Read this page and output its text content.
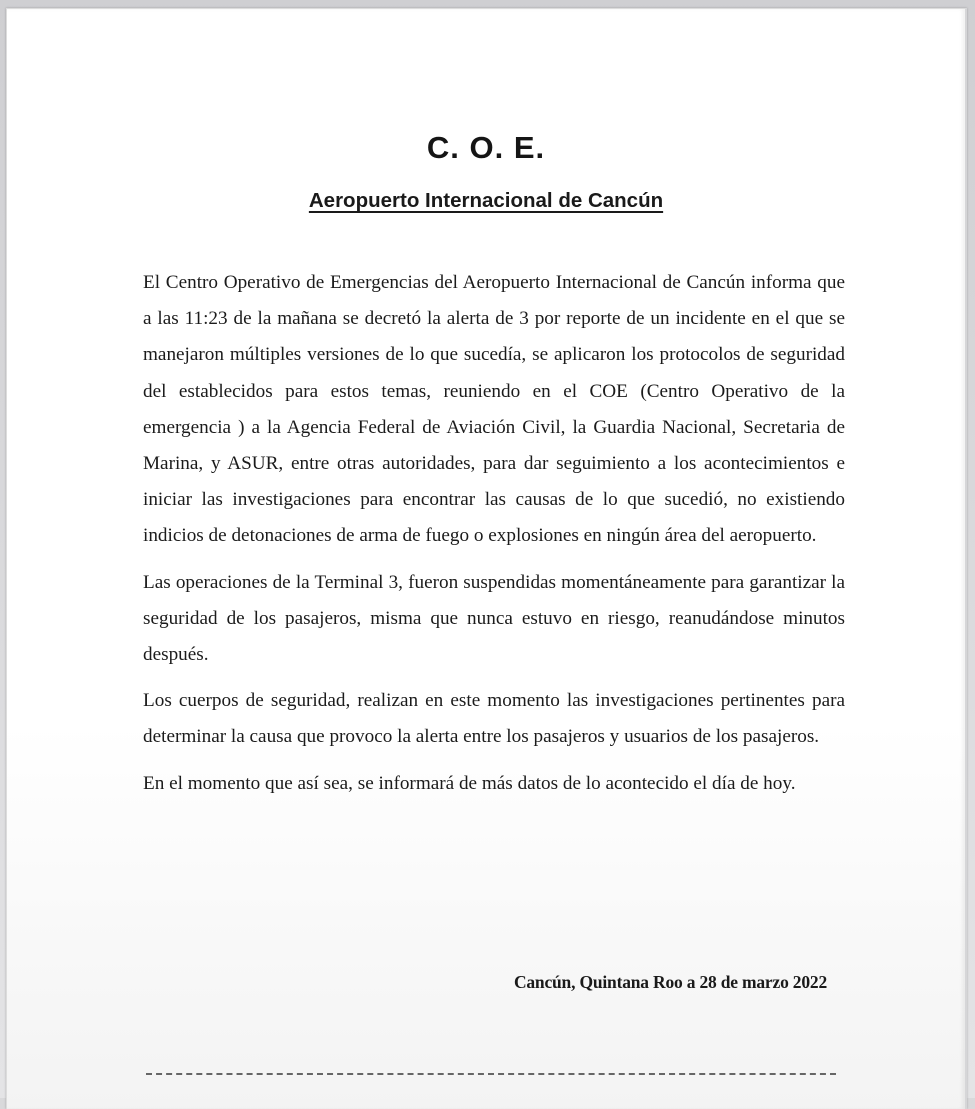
C. O. E.
Aeropuerto Internacional de Cancún

El Centro Operativo de Emergencias del Aeropuerto Internacional de Cancún informa que a las 11:23 de la mañana se decretó la alerta de 3 por reporte de un incidente en el que se manejaron múltiples versiones de lo que sucedía, se aplicaron los protocolos de seguridad del establecidos para estos temas, reuniendo en el COE (Centro Operativo de la emergencia ) a la Agencia Federal de Aviación Civil, la Guardia Nacional, Secretaria de Marina, y ASUR, entre otras autoridades, para dar seguimiento a los acontecimientos e iniciar las investigaciones para encontrar las causas de lo que sucedió, no existiendo indicios de detonaciones de arma de fuego o explosiones en ningún área del aeropuerto.

Las operaciones de la Terminal 3, fueron suspendidas momentáneamente para garantizar la seguridad de los pasajeros, misma que nunca estuvo en riesgo, reanudándose minutos después.

Los cuerpos de seguridad, realizan en este momento las investigaciones pertinentes para determinar la causa que provoco la alerta entre los pasajeros y usuarios de los pasajeros.

En el momento que así sea, se informará de más datos de lo acontecido el día de hoy.

Cancún, Quintana Roo a 28 de marzo 2022
